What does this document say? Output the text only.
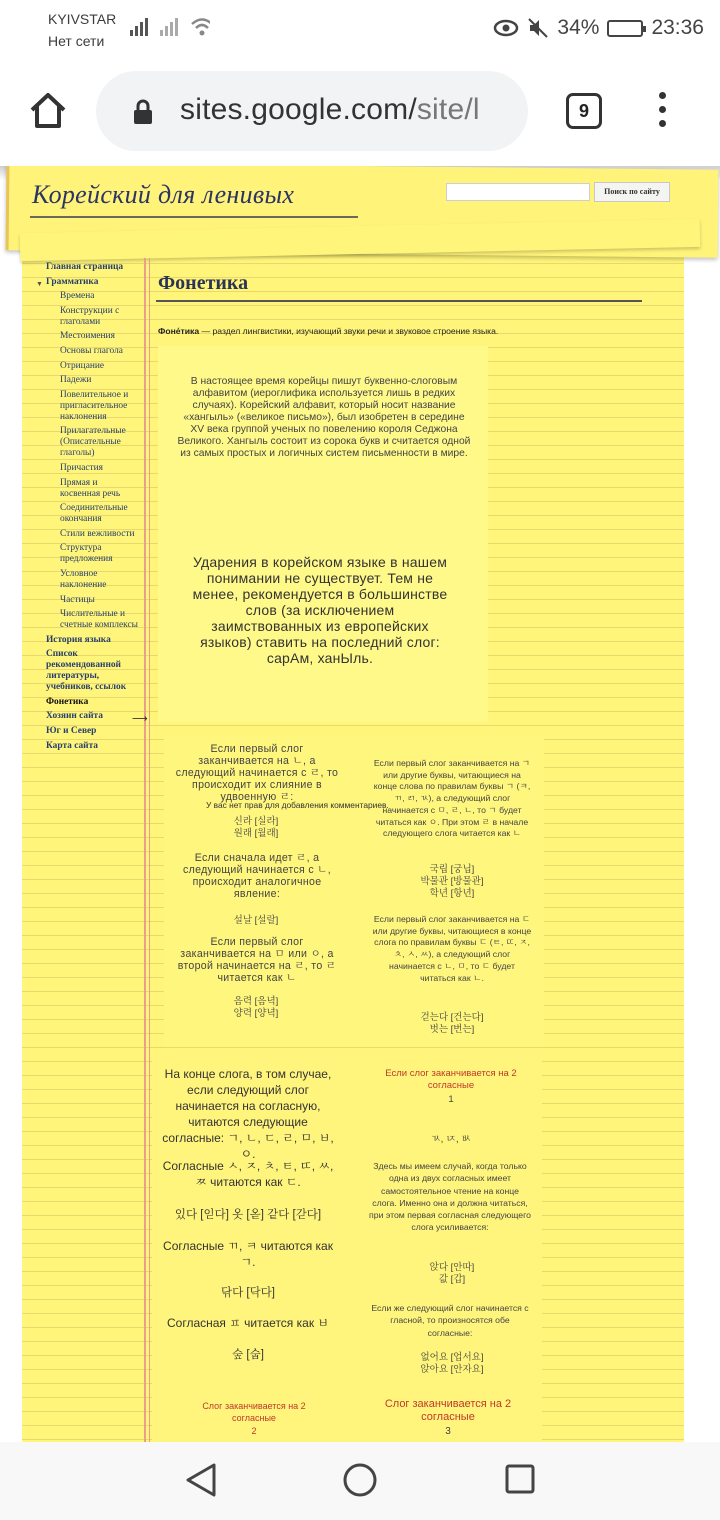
KYIVSTAR
Нет сети
34% 23:36
sites.google.com/site/l	9
Корейский для ленивых	Поиск по сайту
▼
Главная страница
Грамматика
Времена
Конструкции с глаголами
Местоимения
Основы глагола
Отрицание
Падежи
Повелительное и пригласительное наклонения
Прилагательные (Описательные глаголы)
Причастия
Прямая и косвенная речь
Соединительные окончания
Стили вежливости
Структура предложения
Условное наклонение
Частицы
Числительные и счетные комплексы
История языка
Список рекомендованной литературы, учебников, ссылок
Фонетика
Хозяин сайта
Юг и Север
Карта сайта
⟶
Фонетика
Фоне́тика — раздел лингвистики, изучающий звуки речи и звуковое строение языка.
В настоящее время корейцы пишут буквенно-слоговым алфавитом (иероглифика используется лишь в редких случаях). Корейский алфавит, который носит название «хангыль» («великое письмо»), был изобретен в середине XV века группой ученых по повелению короля Седжона Великого. Хангыль состоит из сорока букв и считается одной из самых простых и логичных систем письменности в мире.
Ударения в корейском языке в нашем понимании не существует. Тем не менее, рекомендуется в большинстве слов (за исключением заимствованных из европейских языков) ставить на последний слог: сарАм, ханЫль.
Если первый слог заканчивается на ㄴ, а следующий начинается с ㄹ, то происходит их слияние в удвоенную ㄹ:
У вас нет прав для добавления комментариев.
신라 [실라]
원래 [월래]
Если сначала идет ㄹ, а следующий начинается с ㄴ, происходит аналогичное явление:
설날 [설랄]
Если первый слог заканчивается на ㅁ или ㅇ, а второй начинается на ㄹ, то ㄹ читается как ㄴ
음력 [음녁]
양력 [양녁]
Если первый слог заканчивается на ㄱ или другие буквы, читающиеся на конце слова по правилам буквы ㄱ (ㅋ, ㄲ, ㄺ, ㄳ), а следующий слог начинается с ㅁ, ㄹ, ㄴ, то ㄱ будет читаться как ㅇ. При этом ㄹ в начале следующего слога читается как ㄴ
국립 [궁닙]
박물관 [방물관]
학년 [항년]
Если первый слог заканчивается на ㄷ или другие буквы, читающиеся в конце слога по правилам буквы ㄷ (ㅌ, ㄸ, ㅈ, ㅊ, ㅅ, ㅆ), а следующий слог начинается с ㄴ, ㅁ, то ㄷ будет читаться как ㄴ.
걷는다 [건는다]
벗는 [번는]
На конце слога, в том случае, если следующий слог начинается на согласную, читаются следующие согласные: ㄱ, ㄴ, ㄷ, ㄹ, ㅁ, ㅂ, ㅇ.
Согласные ㅅ, ㅈ, ㅊ, ㅌ, ㄸ, ㅆ, ㅉ читаются как ㄷ.
있다 [읻다] 옷 [옫] 같다 [갇다]
Согласные ㄲ, ㅋ читаются как ㄱ.
닦다 [닥다]
Согласная ㅍ читается как ㅂ
숲 [숩]
Если слог заканчивается на 2 согласные
1
ㄳ, ㄵ, ㅄ
Здесь мы имеем случай, когда только одна из двух согласных имеет самостоятельное чтение на конце слога. Именно она и должна читаться, при этом первая согласная следующего слога усиливается:
앉다 [안따]
값 [갑]
Если же следующий слог начинается с гласной, то произносятся обе согласные:
없어요 [업서요]
앉아요 [안자요]
Слог заканчивается на 2 согласные
2
Слог заканчивается на 2 согласные
3
